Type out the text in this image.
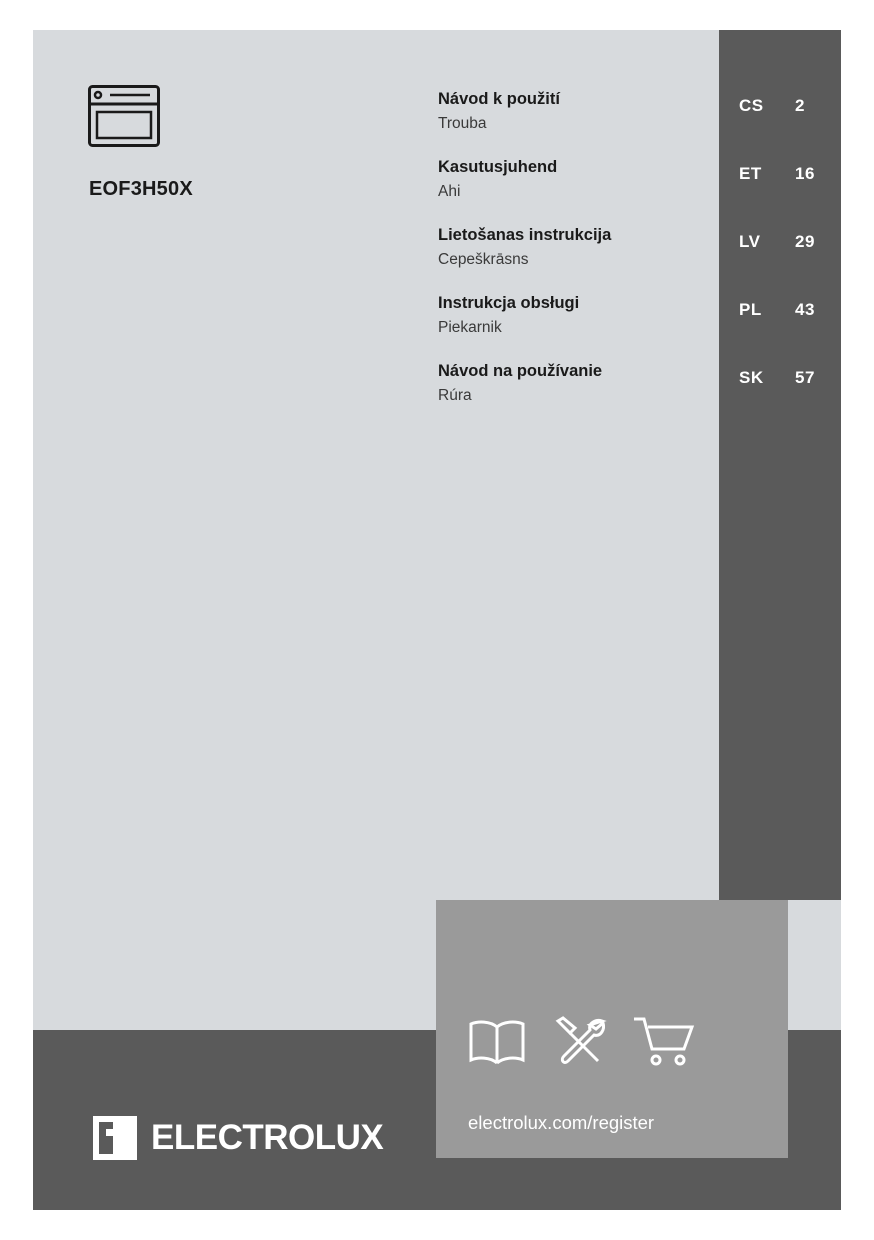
EOF3H50X
CS 2
ET 16
LV 29
PL 43
SK 57
Návod k použití
Trouba
Kasutusjuhend
Ahi
Lietošanas instrukcija
Cepeškrāsns
Instrukcja obsługi
Piekarnik
Návod na používanie
Rúra
ELECTROLUX	electrolux.com/register
